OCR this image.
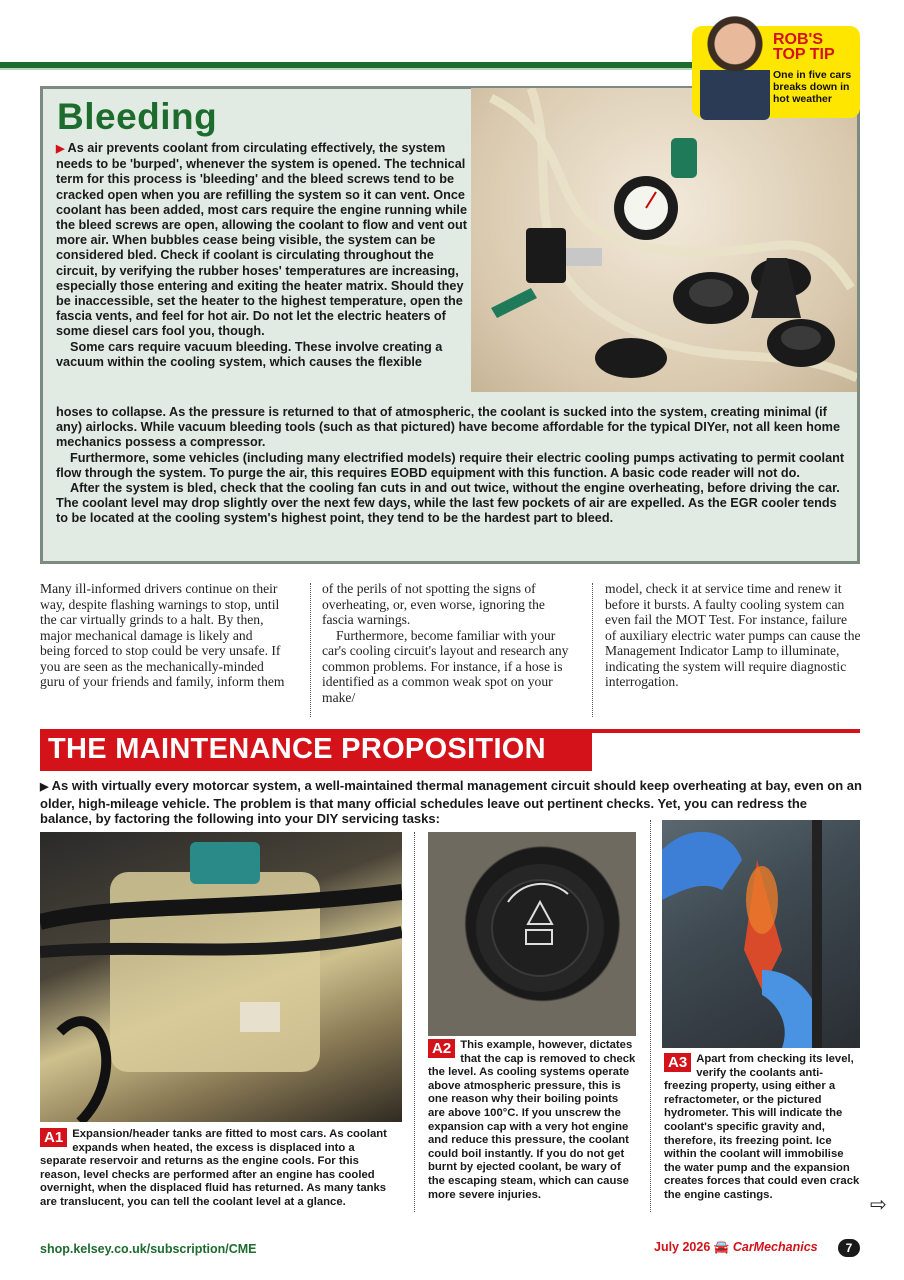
Bleeding

▶ As air prevents coolant from circulating effectively, the system needs to be 'burped', whenever the system is opened. The technical term for this process is 'bleeding' and the bleed screws tend to be cracked open when you are refilling the system so it can vent. Once coolant has been added, most cars require the engine running while the bleed screws are open, allowing the coolant to flow and vent out more air. When bubbles cease being visible, the system can be considered bled. Check if coolant is circulating throughout the circuit, by verifying the rubber hoses' temperatures are increasing, especially those entering and exiting the heater matrix. Should they be inaccessible, set the heater to the highest temperature, open the fascia vents, and feel for hot air. Do not let the electric heaters of some diesel cars fool you, though.

Some cars require vacuum bleeding. These involve creating a vacuum within the cooling system, which causes the flexible

hoses to collapse. As the pressure is returned to that of atmospheric, the coolant is sucked into the system, creating minimal (if any) airlocks. While vacuum bleeding tools (such as that pictured) have become affordable for the typical DIYer, not all keen home mechanics possess a compressor.

Furthermore, some vehicles (including many electrified models) require their electric cooling pumps activating to permit coolant flow through the system. To purge the air, this requires EOBD equipment with this function. A basic code reader will not do.

After the system is bled, check that the cooling fan cuts in and out twice, without the engine overheating, before driving the car. The coolant level may drop slightly over the next few days, while the last few pockets of air are expelled. As the EGR cooler tends to be located at the cooling system's highest point, they tend to be the hardest part to bleed.

ROB'S
TOP TIP
One in five cars breaks down in hot weather

Many ill-informed drivers continue on their way, despite flashing warnings to stop, until the car virtually grinds to a halt. By then, major mechanical damage is likely and being forced to stop could be very unsafe. If you are seen as the mechanically-minded guru of your friends and family, inform them

of the perils of not spotting the signs of overheating, or, even worse, ignoring the fascia warnings.

Furthermore, become familiar with your car's cooling circuit's layout and research any common problems. For instance, if a hose is identified as a common weak spot on your make/

model, check it at service time and renew it before it bursts. A faulty cooling system can even fail the MOT Test. For instance, failure of auxiliary electric water pumps can cause the Management Indicator Lamp to illuminate, indicating the system will require diagnostic interrogation.

THE MAINTENANCE PROPOSITION
▶ As with virtually every motorcar system, a well-maintained thermal management circuit should keep overheating at bay, even on an older, high-mileage vehicle. The problem is that many official schedules leave out pertinent checks. Yet, you can redress the balance, by factoring the following into your DIY servicing tasks:
A1 Expansion/header tanks are fitted to most cars. As coolant expands when heated, the excess is displaced into a separate reservoir and returns as the engine cools. For this reason, level checks are performed after an engine has cooled overnight, when the displaced fluid has returned. As many tanks are translucent, you can tell the coolant level at a glance.
A2 This example, however, dictates that the cap is removed to check the level. As cooling systems operate above atmospheric pressure, this is one reason why their boiling points are above 100°C. If you unscrew the expansion cap with a very hot engine and reduce this pressure, the coolant could boil instantly. If you do not get burnt by ejected coolant, be wary of the escaping steam, which can cause more severe injuries.
A3 Apart from checking its level, verify the coolants anti-freezing property, using either a refractometer, or the pictured hydrometer. This will indicate the coolant's specific gravity and, therefore, its freezing point. Ice within the coolant will immobilise the water pump and the expansion creates forces that could even crack the engine castings.	⇨
shop.kelsey.co.uk/subscription/CME	July 2026 🚘 CarMechanics	7
